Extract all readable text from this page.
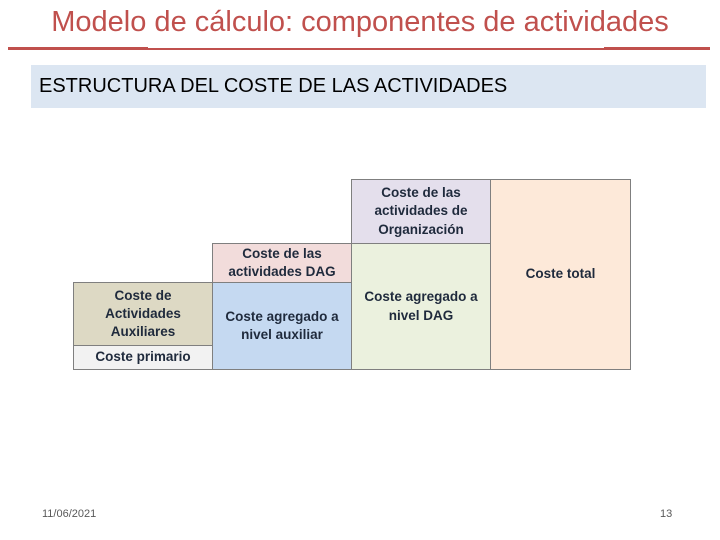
Modelo de cálculo: componentes de actividades
ESTRUCTURA DEL COSTE DE LAS ACTIVIDADES
Coste de las
actividades de
Organización
Coste total
Coste de las
actividades DAG
Coste agregado a
nivel DAG
Coste de
Actividades
Auxiliares
Coste agregado a
nivel auxiliar
Coste primario
11/06/2021	13
